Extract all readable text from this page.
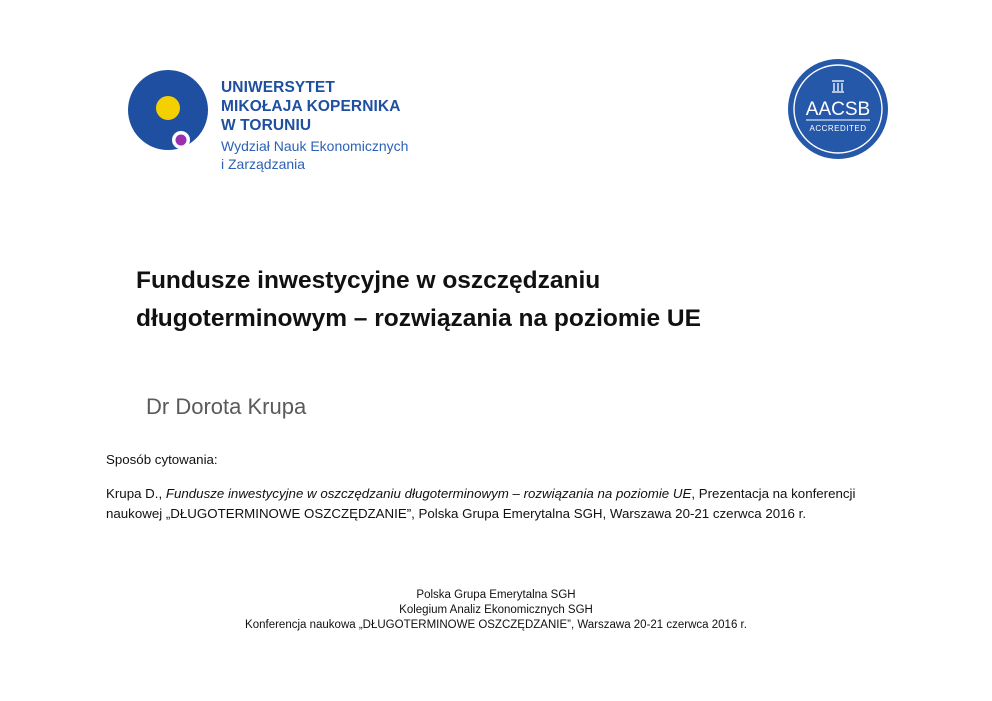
UNIWERSYTET
MIKOŁAJA KOPERNIKA
W TORUNIU
Wydział Nauk Ekonomicznych
i Zarządzania
AACSB
ACCREDITED
Fundusze inwestycyjne w oszczędzaniu
długoterminowym – rozwiązania na poziomie UE
Dr Dorota Krupa
Sposób cytowania:
Krupa D., Fundusze inwestycyjne w oszczędzaniu długoterminowym – rozwiązania na poziomie UE, Prezentacja na konferencji naukowej „DŁUGOTERMINOWE OSZCZĘDZANIE”, Polska Grupa Emerytalna SGH, Warszawa 20-21 czerwca 2016 r.
Polska Grupa Emerytalna SGH
Kolegium Analiz Ekonomicznych SGH
Konferencja naukowa „DŁUGOTERMINOWE OSZCZĘDZANIE”, Warszawa 20-21 czerwca 2016 r.
